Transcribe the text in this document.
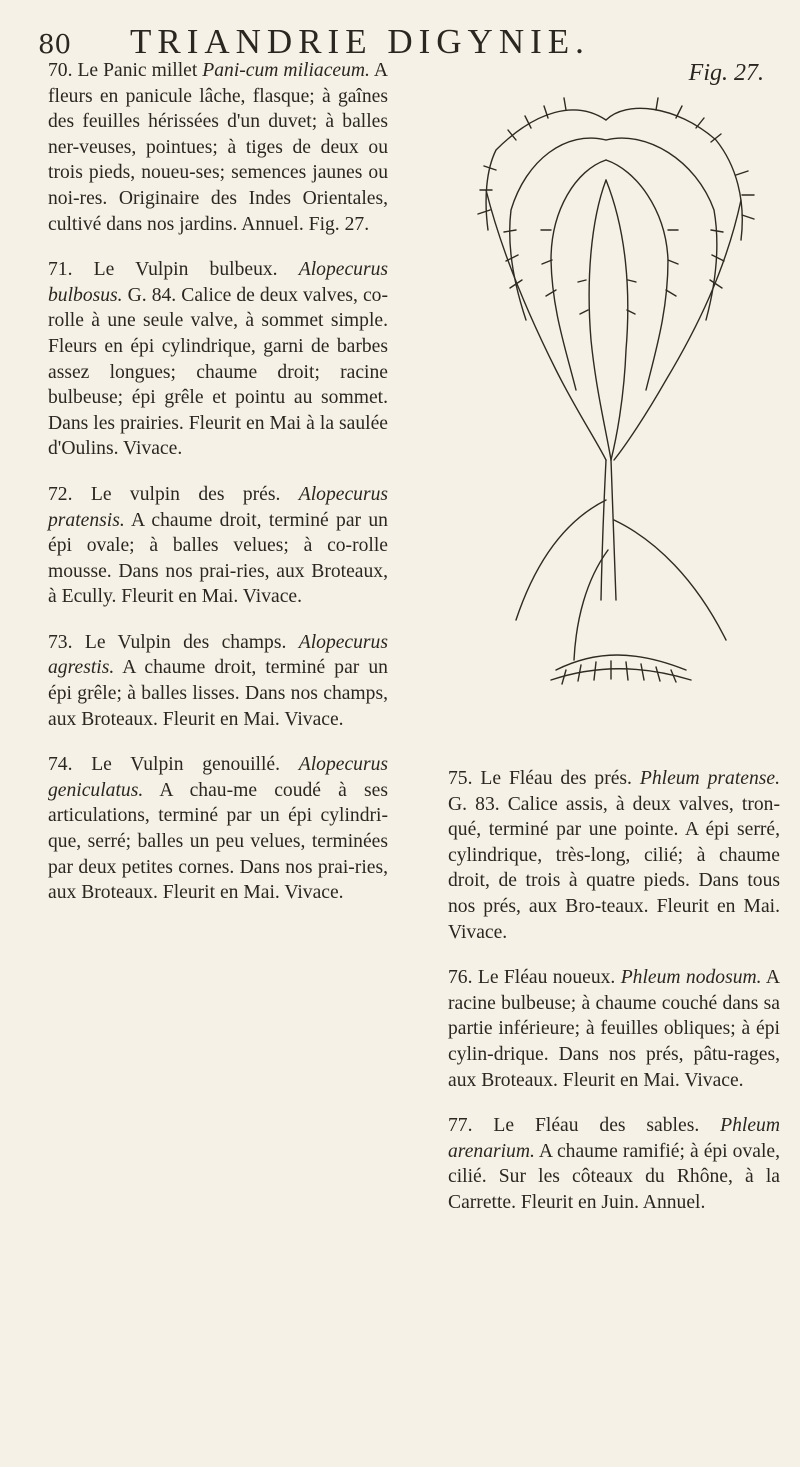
80	TRIANDRIE DIGYNIE.

70. Le Panic millet Pani-cum miliaceum. A fleurs en panicule lâche, flasque; à gaînes des feuilles hérissées d'un duvet; à balles ner-veuses, pointues; à tiges de deux ou trois pieds, noueu-ses; semences jaunes ou noi-res. Originaire des Indes Orientales, cultivé dans nos jardins. Annuel. Fig. 27.

71. Le Vulpin bulbeux. Alopecurus bulbosus. G. 84. Calice de deux valves, co-rolle à une seule valve, à sommet simple. Fleurs en épi cylindrique, garni de barbes assez longues; chaume droit; racine bulbeuse; épi grêle et pointu au sommet. Dans les prairies. Fleurit en Mai à la saulée d'Oulins. Vivace.

72. Le vulpin des prés. Alopecurus pratensis. A chaume droit, terminé par un épi ovale; à balles velues; à co-rolle mousse. Dans nos prai-ries, aux Broteaux, à Ecully. Fleurit en Mai. Vivace.

73. Le Vulpin des champs. Alopecurus agrestis. A chaume droit, terminé par un épi grêle; à balles lisses. Dans nos champs, aux Broteaux. Fleurit en Mai. Vivace.

74. Le Vulpin genouillé. Alopecurus geniculatus. A chau-me coudé à ses articulations, terminé par un épi cylindri-que, serré; balles un peu velues, terminées par deux petites cornes. Dans nos prai-ries, aux Broteaux. Fleurit en Mai. Vivace.

Fig. 27.

75. Le Fléau des prés. Phleum pratense. G. 83. Calice assis, à deux valves, tron-qué, terminé par une pointe. A épi serré, cylindrique, très-long, cilié; à chaume droit, de trois à quatre pieds. Dans tous nos prés, aux Bro-teaux. Fleurit en Mai. Vivace.

76. Le Fléau noueux. Phleum nodosum. A racine bulbeuse; à chaume couché dans sa partie inférieure; à feuilles obliques; à épi cylin-drique. Dans nos prés, pâtu-rages, aux Broteaux. Fleurit en Mai. Vivace.

77. Le Fléau des sables. Phleum arenarium. A chaume ramifié; à épi ovale, cilié. Sur les côteaux du Rhône, à la Carrette. Fleurit en Juin. Annuel.
